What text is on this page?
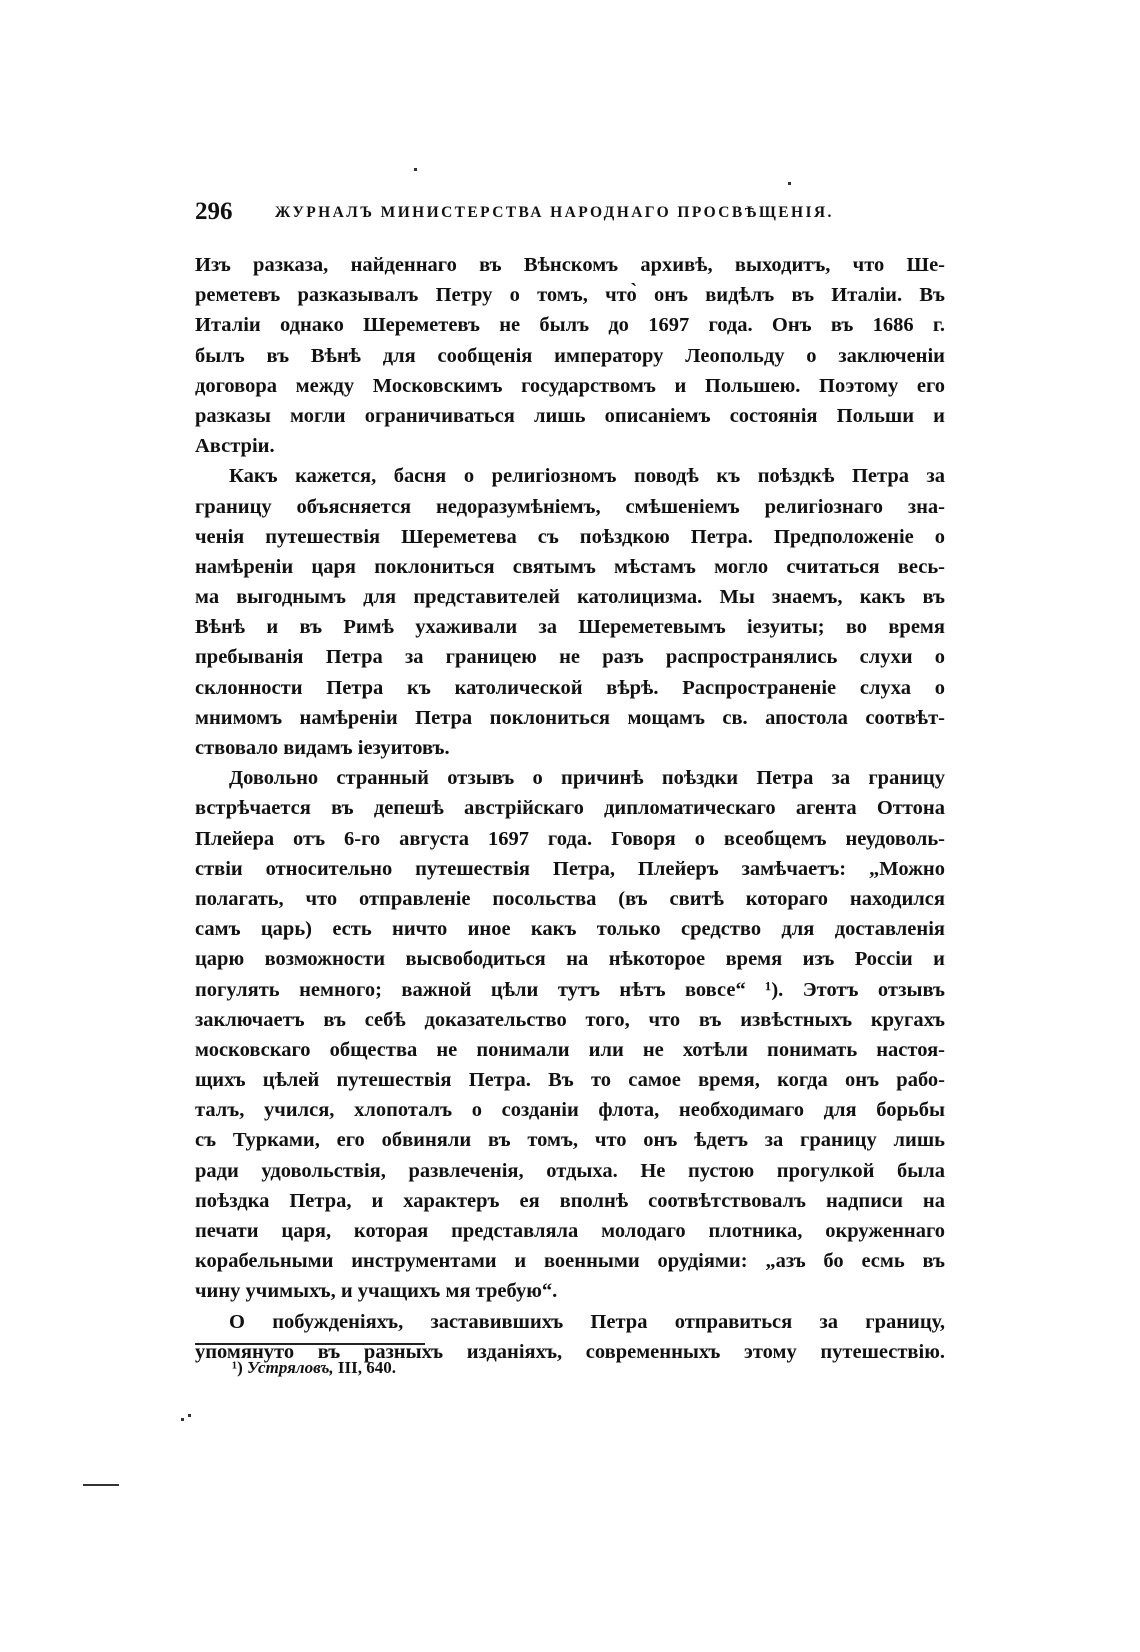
296	ЖУРНАЛЪ МИНИСТЕРСТВА НАРОДНАГО ПРОСВѢЩЕНІЯ.
Изъ разказа, найденнаго въ Вѣнскомъ архивѣ, выходитъ, что Ше-
реметевъ разказывалъ Петру о томъ, что̀ онъ видѣлъ въ Италіи. Въ
Италіи однако Шереметевъ не былъ до 1697 года. Онъ въ 1686 г.
былъ въ Вѣнѣ для сообщенія императору Леопольду о заключеніи
договора между Московскимъ государствомъ и Польшею. Поэтому его
разказы могли ограничиваться лишь описаніемъ состоянія Польши и
Австріи.
Какъ кажется, басня о религіозномъ поводѣ къ поѣздкѣ Петра за
границу объясняется недоразумѣніемъ, смѣшеніемъ религіознаго зна-
ченія путешествія Шереметева съ поѣздкою Петра. Предположеніе о
намѣреніи царя поклониться святымъ мѣстамъ могло считаться весь-
ма выгоднымъ для представителей католицизма. Мы знаемъ, какъ въ
Вѣнѣ и въ Римѣ ухаживали за Шереметевымъ іезуиты; во время
пребыванія Петра за границею не разъ распространялись слухи о
склонности Петра къ католической вѣрѣ. Распространеніе слуха о
мнимомъ намѣреніи Петра поклониться мощамъ св. апостола соотвѣт-
ствовало видамъ іезуитовъ.
Довольно странный отзывъ о причинѣ поѣздки Петра за границу
встрѣчается въ депешѣ австрійскаго дипломатическаго агента Оттона
Плейера отъ 6-го августа 1697 года. Говоря о всеобщемъ неудоволь-
ствіи относительно путешествія Петра, Плейеръ замѣчаетъ: „Можно
полагать, что отправленіе посольства (въ свитѣ котораго находился
самъ царь) есть ничто иное какъ только средство для доставленія
царю возможности высвободиться на нѣкоторое время изъ Россіи и
погулять немного; важной цѣли тутъ нѣтъ вовсе“ ¹). Этотъ отзывъ
заключаетъ въ себѣ доказательство того, что въ извѣстныхъ кругахъ
московскаго общества не понимали или не хотѣли понимать настоя-
щихъ цѣлей путешествія Петра. Въ то самое время, когда онъ рабо-
талъ, учился, хлопоталъ о созданіи флота, необходимаго для борьбы
съ Турками, его обвиняли въ томъ, что онъ ѣдетъ за границу лишь
ради удовольствія, развлеченія, отдыха. Не пустою прогулкой была
поѣздка Петра, и характеръ ея вполнѣ соотвѣтствовалъ надписи на
печати царя, которая представляла молодаго плотника, окруженнаго
корабельными инструментами и военными орудіями: „азъ бо есмь въ
чину учимыхъ, и учащихъ мя требую“.
О побужденіяхъ, заставившихъ Петра отправиться за границу,
упомянуто въ разныхъ изданіяхъ, современныхъ этому путешествію.
¹) Устряловъ, III, 640.
